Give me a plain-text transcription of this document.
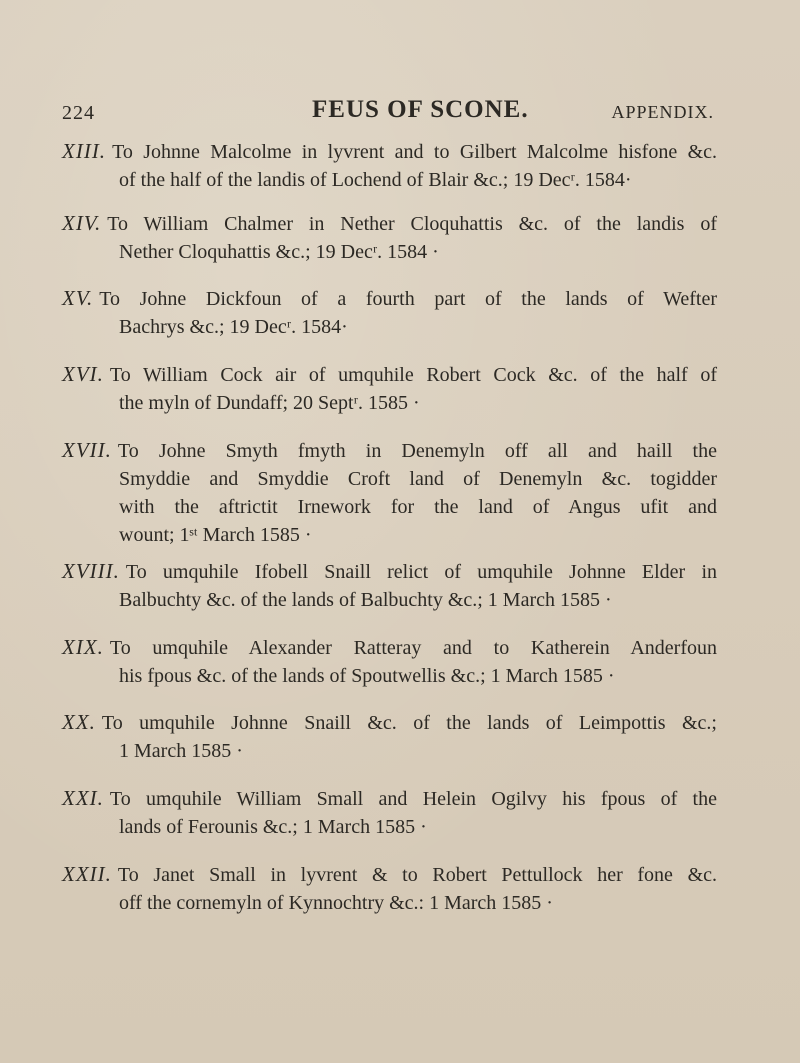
224	FEUS OF SCONE.	APPENDIX.
XIII. To Johnne Malcolme in lyvrent and to Gilbert Malcolme hisfone &c.
of the half of the landis of Lochend of Blair &c.; 19 Decʳ. 1584·
XIV. To William Chalmer in Nether Cloquhattis &c. of the landis of
Nether Cloquhattis &c.; 19 Decʳ. 1584 ·
XV. To Johne Dickfoun of a fourth part of the lands of Wefter
Bachrys &c.; 19 Decʳ. 1584·
XVI. To William Cock air of umquhile Robert Cock &c. of the half of
the myln of Dundaff; 20 Septʳ. 1585 ·
XVII. To Johne Smyth fmyth in Denemyln off all and haill the
Smyddie and Smyddie Croft land of Denemyln &c. togidder
with the aftrictit Irnework for the land of Angus ufit and
wount; 1ˢᵗ March 1585 ·
XVIII. To umquhile Ifobell Snaill relict of umquhile Johnne Elder in
Balbuchty &c. of the lands of Balbuchty &c.; 1 March 1585 ·
XIX. To umquhile Alexander Ratteray and to Katherein Anderfoun
his fpous &c. of the lands of Spoutwellis &c.; 1 March 1585 ·
XX. To umquhile Johnne Snaill &c. of the lands of Leimpottis &c.;
1 March 1585 ·
XXI. To umquhile William Small and Helein Ogilvy his fpous of the
lands of Ferounis &c.; 1 March 1585 ·
XXII. To Janet Small in lyvrent & to Robert Pettullock her fone &c.
off the cornemyln of Kynnochtry &c.: 1 March 1585 ·
